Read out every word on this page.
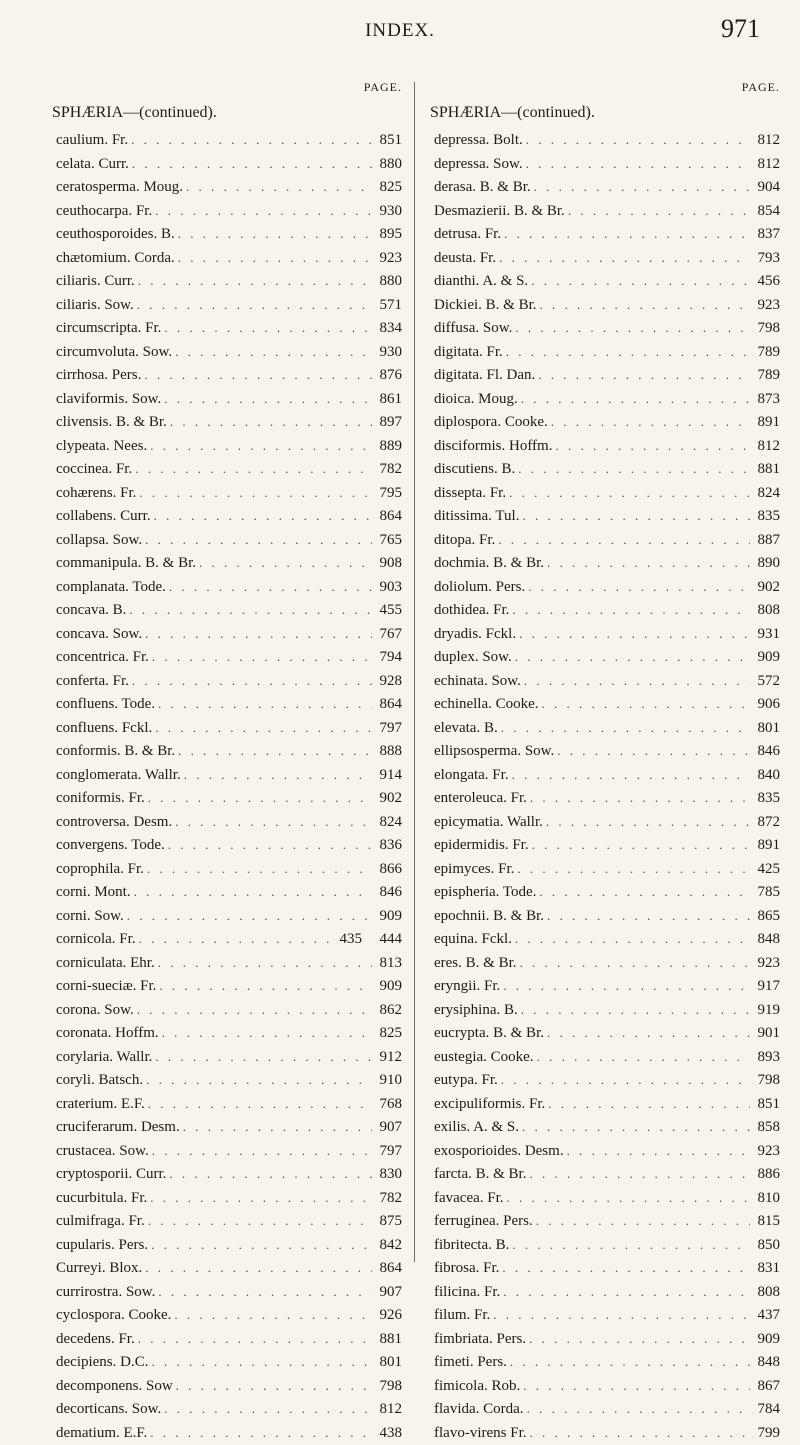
INDEX.	971
PAGE.
SPHÆRIA—(continued).
caulium. Fr. . . .	851
celata. Curr. . . .	880
ceratosperma. Moug. . . .	825
ceuthocarpa. Fr. . . .	930
ceuthosporoides. B. . . .	895
chætomium. Corda. . . .	923
ciliaris. Curr. . . .	880
ciliaris. Sow. . . .	571
circumscripta. Fr. . . .	834
circumvoluta. Sow. . . .	930
cirrhosa. Pers. . . .	876
claviformis. Sow. . . .	861
clivensis. B. & Br. . . .	897
clypeata. Nees. . . .	889
coccinea. Fr. . . .	782
cohærens. Fr. . . .	795
collabens. Curr. . . .	864
collapsa. Sow. . . .	765
commanipula. B. & Br. . . .	908
complanata. Tode. . . .	903
concava. B. . . .	455
concava. Sow. . . .	767
concentrica. Fr. . . .	794
conferta. Fr. . . .	928
confluens. Tode. . . .	864
confluens. Fckl. . . .	797
conformis. B. & Br. . . .	888
conglomerata. Wallr. . . .	914
coniformis. Fr. . . .	902
controversa. Desm. . . .	824
convergens. Tode. . . .	836
coprophila. Fr. . . .	866
corni. Mont. . . .	846
corni. Sow. . . .	909
cornicola. Fr. . . .	435	444
corniculata. Ehr. . . .	813
corni-sueciæ. Fr. . . .	909
corona. Sow. . . .	862
coronata. Hoffm. . . .	825
corylaria. Wallr. . . .	912
coryli. Batsch. . . .	910
craterium. E.F. . . .	768
cruciferarum. Desm. . . .	907
crustacea. Sow. . . .	797
cryptosporii. Curr. . . .	830
cucurbitula. Fr. . . .	782
culmifraga. Fr. . . .	875
cupularis. Pers. . . .	842
Curreyi. Blox. . . .	864
currirostra. Sow. . . .	907
cyclospora. Cooke. . . .	926
decedens. Fr. . . .	881
decipiens. D.C. . . .	801
decomponens. Sow . . .	798
decorticans. Sow. . . .	812
dematium. E.F. . . .	438
PAGE.
SPHÆRIA—(continued).
depressa. Bolt. . . .	812
depressa. Sow. . . .	812
derasa. B. & Br. . . .	904
Desmazierii. B. & Br. . . .	854
detrusa. Fr. . . .	837
deusta. Fr. . . .	793
dianthi. A. & S. . . .	456
Dickiei. B. & Br. . . .	923
diffusa. Sow. . . .	798
digitata. Fr. . . .	789
digitata. Fl. Dan. . . .	789
dioica. Moug. . . .	873
diplospora. Cooke. . . .	891
disciformis. Hoffm. . . .	812
discutiens. B. . . .	881
dissepta. Fr. . . .	824
ditissima. Tul. . . .	835
ditopa. Fr. . . .	887
dochmia. B. & Br. . . .	890
doliolum. Pers. . . .	902
dothidea. Fr. . . .	808
dryadis. Fckl. . . .	931
duplex. Sow. . . .	909
echinata. Sow. . . .	572
echinella. Cooke. . . .	906
elevata. B. . . .	801
ellipsosperma. Sow. . . .	846
elongata. Fr. . . .	840
enteroleuca. Fr. . . .	835
epicymatia. Wallr. . . .	872
epidermidis. Fr. . . .	891
epimyces. Fr. . . .	425
epispheria. Tode. . . .	785
epochnii. B. & Br. . . .	865
equina. Fckl. . . .	848
eres. B. & Br. . . .	923
eryngii. Fr. . . .	917
erysiphina. B. . . .	919
eucrypta. B. & Br. . . .	901
eustegia. Cooke. . . .	893
eutypa. Fr. . . .	798
excipuliformis. Fr. . . .	851
exilis. A. & S. . . .	858
exosporioides. Desm. . . .	923
farcta. B. & Br. . . .	886
favacea. Fr. . . .	810
ferruginea. Pers. . . .	815
fibritecta. B. . . .	850
fibrosa. Fr. . . .	831
filicina. Fr. . . .	808
filum. Fr. . . .	437
fimbriata. Pers. . . .	909
fimeti. Pers. . . .	848
fimicola. Rob. . . .	867
flavida. Corda. . . .	784
flavo-virens Fr. . . .	799
